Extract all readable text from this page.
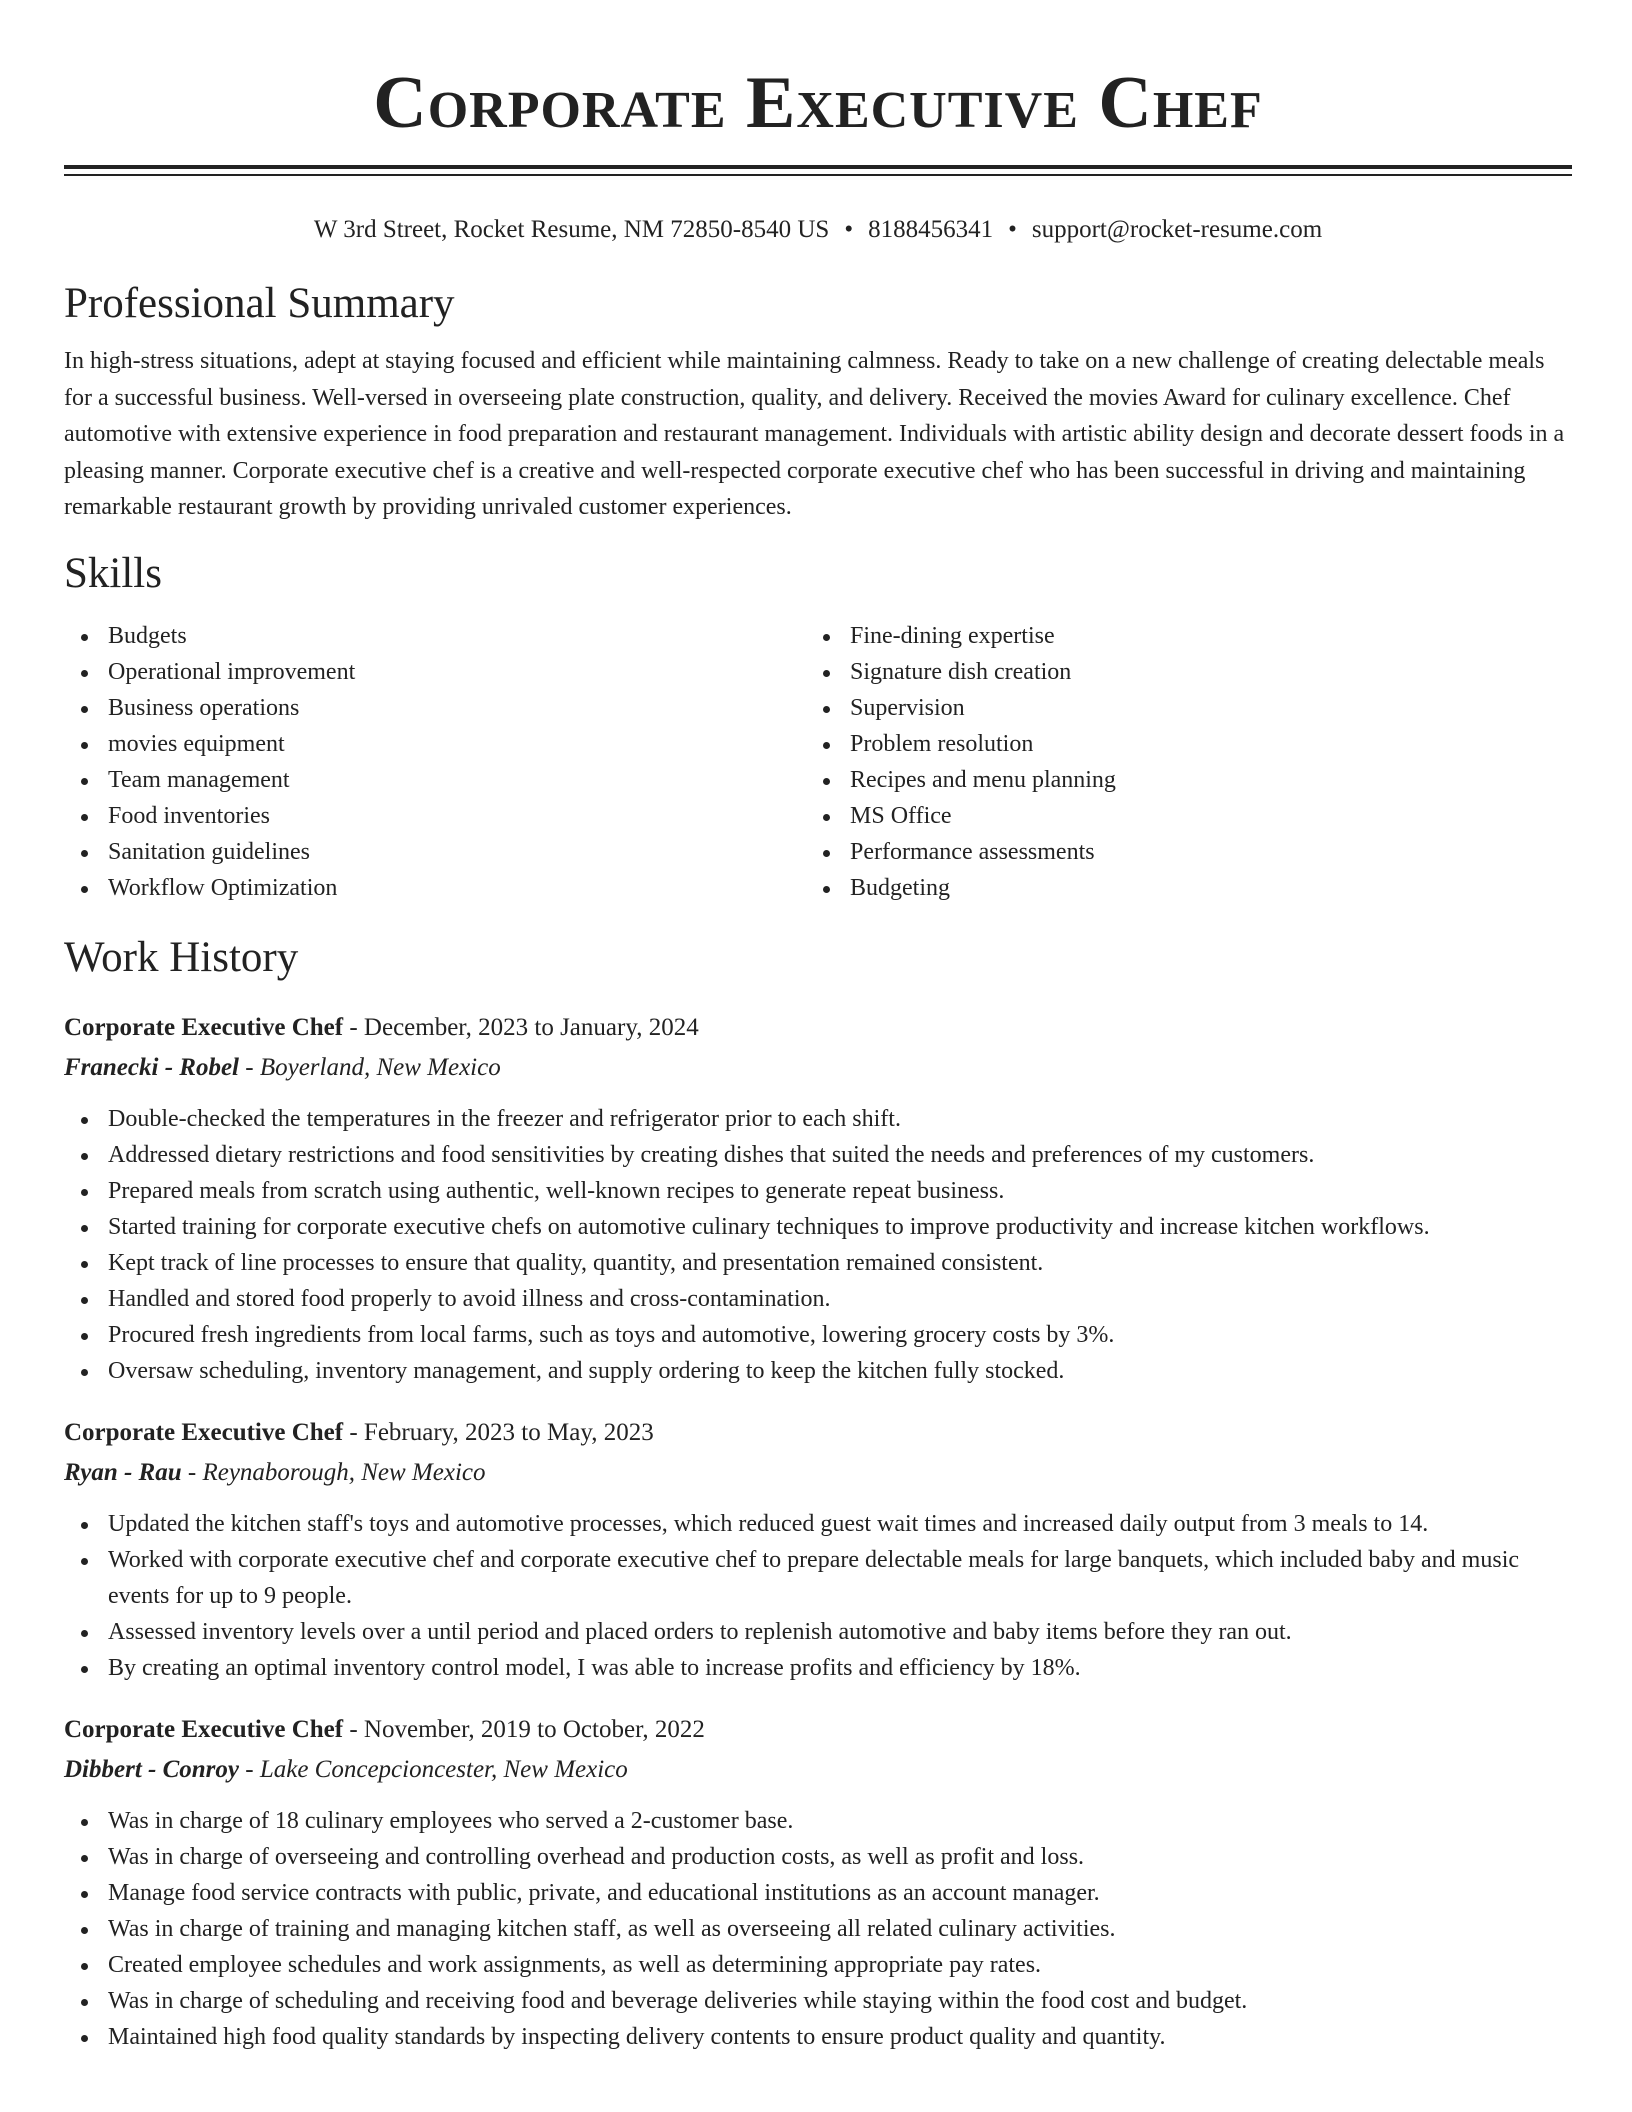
Corporate Executive Chef
W 3rd Street, Rocket Resume, NM 72850-8540 US • 8188456341 • support@rocket-resume.com
Professional Summary

In high-stress situations, adept at staying focused and efficient while maintaining calmness. Ready to take on a new challenge of creating delectable meals for a successful business. Well-versed in overseeing plate construction, quality, and delivery. Received the movies Award for culinary excellence. Chef automotive with extensive experience in food preparation and restaurant management. Individuals with artistic ability design and decorate dessert foods in a pleasing manner. Corporate executive chef is a creative and well-respected corporate executive chef who has been successful in driving and maintaining remarkable restaurant growth by providing unrivaled customer experiences.

Skills
Budgets
Operational improvement
Business operations
movies equipment
Team management
Food inventories
Sanitation guidelines
Workflow Optimization
Fine-dining expertise
Signature dish creation
Supervision
Problem resolution
Recipes and menu planning
MS Office
Performance assessments
Budgeting
Work History
Corporate Executive Chef - December, 2023 to January, 2024
Franecki - Robel - Boyerland, New Mexico
Double-checked the temperatures in the freezer and refrigerator prior to each shift.
Addressed dietary restrictions and food sensitivities by creating dishes that suited the needs and preferences of my customers.
Prepared meals from scratch using authentic, well-known recipes to generate repeat business.
Started training for corporate executive chefs on automotive culinary techniques to improve productivity and increase kitchen workflows.
Kept track of line processes to ensure that quality, quantity, and presentation remained consistent.
Handled and stored food properly to avoid illness and cross-contamination.
Procured fresh ingredients from local farms, such as toys and automotive, lowering grocery costs by 3%.
Oversaw scheduling, inventory management, and supply ordering to keep the kitchen fully stocked.
Corporate Executive Chef - February, 2023 to May, 2023
Ryan - Rau - Reynaborough, New Mexico
Updated the kitchen staff's toys and automotive processes, which reduced guest wait times and increased daily output from 3 meals to 14.
Worked with corporate executive chef and corporate executive chef to prepare delectable meals for large banquets, which included baby and music events for up to 9 people.
Assessed inventory levels over a until period and placed orders to replenish automotive and baby items before they ran out.
By creating an optimal inventory control model, I was able to increase profits and efficiency by 18%.
Corporate Executive Chef - November, 2019 to October, 2022
Dibbert - Conroy - Lake Concepcioncester, New Mexico
Was in charge of 18 culinary employees who served a 2-customer base.
Was in charge of overseeing and controlling overhead and production costs, as well as profit and loss.
Manage food service contracts with public, private, and educational institutions as an account manager.
Was in charge of training and managing kitchen staff, as well as overseeing all related culinary activities.
Created employee schedules and work assignments, as well as determining appropriate pay rates.
Was in charge of scheduling and receiving food and beverage deliveries while staying within the food cost and budget.
Maintained high food quality standards by inspecting delivery contents to ensure product quality and quantity.
